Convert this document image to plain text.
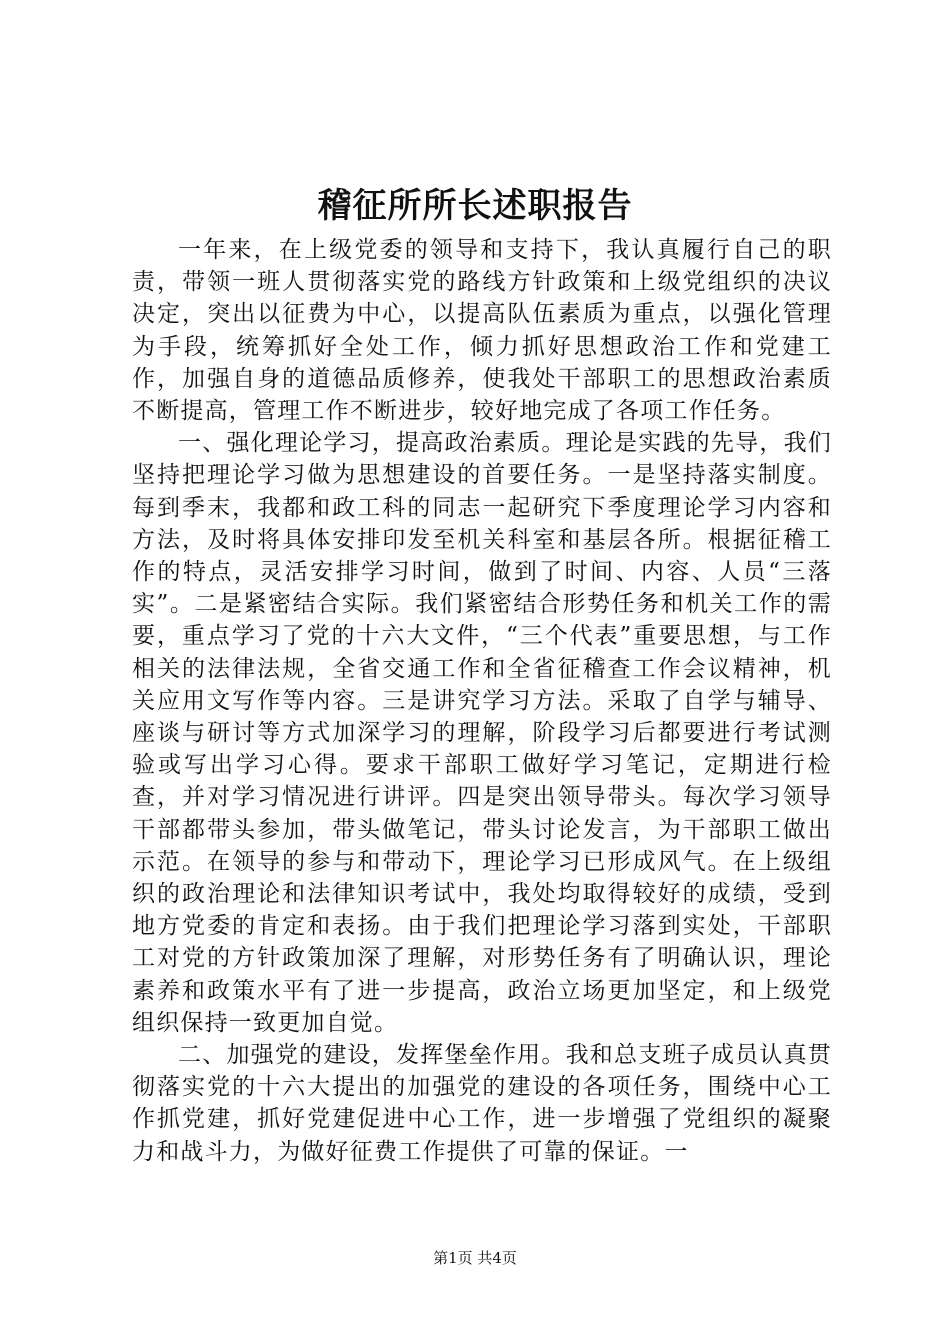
稽征所所长述职报告

一年来，在上级党委的领导和支持下，我认真履行自己的职责，带领一班人贯彻落实党的路线方针政策和上级党组织的决议决定，突出以征费为中心，以提高队伍素质为重点，以强化管理为手段，统筹抓好全处工作，倾力抓好思想政治工作和党建工作，加强自身的道德品质修养，使我处干部职工的思想政治素质不断提高，管理工作不断进步，较好地完成了各项工作任务。

一、强化理论学习，提高政治素质。理论是实践的先导，我们坚持把理论学习做为思想建设的首要任务。一是坚持落实制度。每到季末，我都和政工科的同志一起研究下季度理论学习内容和方法，及时将具体安排印发至机关科室和基层各所。根据征稽工作的特点，灵活安排学习时间，做到了时间、内容、人员“三落实”。二是紧密结合实际。我们紧密结合形势任务和机关工作的需要，重点学习了党的十六大文件，“三个代表”重要思想，与工作相关的法律法规，全省交通工作和全省征稽查工作会议精神，机关应用文写作等内容。三是讲究学习方法。采取了自学与辅导、座谈与研讨等方式加深学习的理解，阶段学习后都要进行考试测验或写出学习心得。要求干部职工做好学习笔记，定期进行检查，并对学习情况进行讲评。四是突出领导带头。每次学习领导干部都带头参加，带头做笔记，带头讨论发言，为干部职工做出示范。在领导的参与和带动下，理论学习已形成风气。在上级组织的政治理论和法律知识考试中，我处均取得较好的成绩，受到地方党委的肯定和表扬。由于我们把理论学习落到实处，干部职工对党的方针政策加深了理解，对形势任务有了明确认识，理论素养和政策水平有了进一步提高，政治立场更加坚定，和上级党组织保持一致更加自觉。

二、加强党的建设，发挥堡垒作用。我和总支班子成员认真贯彻落实党的十六大提出的加强党的建设的各项任务，围绕中心工作抓党建，抓好党建促进中心工作，进一步增强了党组织的凝聚力和战斗力，为做好征费工作提供了可靠的保证。一

第1页 共4页
